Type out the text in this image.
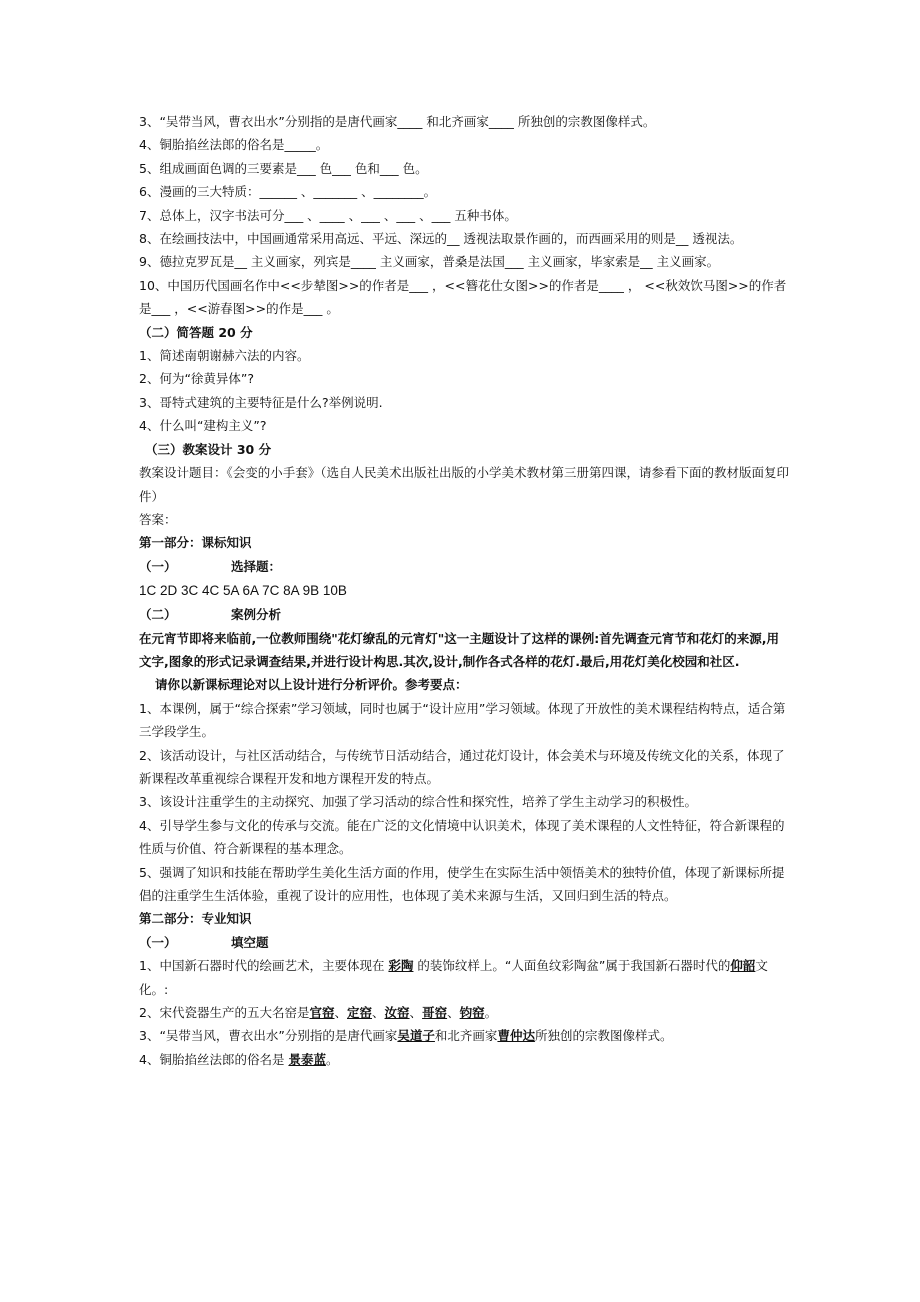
3、“吴带当风，曹衣出水”分别指的是唐代画家____ 和北齐画家____ 所独创的宗教图像样式。
4、铜胎掐丝法郎的俗名是_____。
5、组成画面色调的三要素是___ 色___ 色和___ 色。
6、漫画的三大特质：______ 、_______ 、________。
7、总体上，汉字书法可分___ 、____ 、___ 、___ 、___ 五种书体。
8、在绘画技法中，中国画通常采用高远、平远、深远的__ 透视法取景作画的，而西画采用的则是__ 透视法。
9、德拉克罗瓦是__ 主义画家，列宾是____ 主义画家，普桑是法国___ 主义画家，毕家索是__ 主义画家。
10、中国历代国画名作中<<步辇图>>的作者是___ ，<<簪花仕女图>>的作者是____ ， <<秋效饮马图>>的作者是___ ，<<游春图>>的作是___ 。
（二）简答题 20 分
1、简述南朝谢赫六法的内容。
2、何为“徐黄异体”?
3、哥特式建筑的主要特征是什么?举例说明.
4、什么叫“建构主义”?
（三）教案设计 30 分
教案设计题目：《会变的小手套》（选自人民美术出版社出版的小学美术教材第三册第四课，请参看下面的教材版面复印件）
答案：
第一部分：课标知识
（一）	选择题：
1C 2D 3C 4C 5A 6A 7C 8A 9B 10B
（二）	案例分析
在元宵节即将来临前,一位教师围绕"花灯缭乱的元宵灯"这一主题设计了这样的课例:首先调查元宵节和花灯的来源,用文字,图象的形式记录调查结果,并进行设计构思.其次,设计,制作各式各样的花灯.最后,用花灯美化校园和社区.
请你以新课标理论对以上设计进行分析评价。参考要点：
1、本课例，属于“综合探索”学习领域，同时也属于“设计应用”学习领域。体现了开放性的美术课程结构特点，适合第三学段学生。
2、该活动设计，与社区活动结合，与传统节日活动结合，通过花灯设计，体会美术与环境及传统文化的关系，体现了新课程改革重视综合课程开发和地方课程开发的特点。
3、该设计注重学生的主动探究、加强了学习活动的综合性和探究性，培养了学生主动学习的积极性。
4、引导学生参与文化的传承与交流。能在广泛的文化情境中认识美术，体现了美术课程的人文性特征，符合新课程的性质与价值、符合新课程的基本理念。
5、强调了知识和技能在帮助学生美化生活方面的作用，使学生在实际生活中领悟美术的独特价值，体现了新课标所提倡的注重学生生活体验，重视了设计的应用性，也体现了美术来源与生活，又回归到生活的特点。
第二部分：专业知识
（一）	填空题
1、中国新石器时代的绘画艺术，主要体现在 彩陶 的装饰纹样上。“人面鱼纹彩陶盆”属于我国新石器时代的仰韶文化。:
2、宋代瓷器生产的五大名窑是官窑、定窑、汝窑、哥窑、钧窑。
3、“吴带当风，曹衣出水”分别指的是唐代画家吴道子和北齐画家曹仲达所独创的宗教图像样式。
4、铜胎掐丝法郎的俗名是 景泰蓝。
